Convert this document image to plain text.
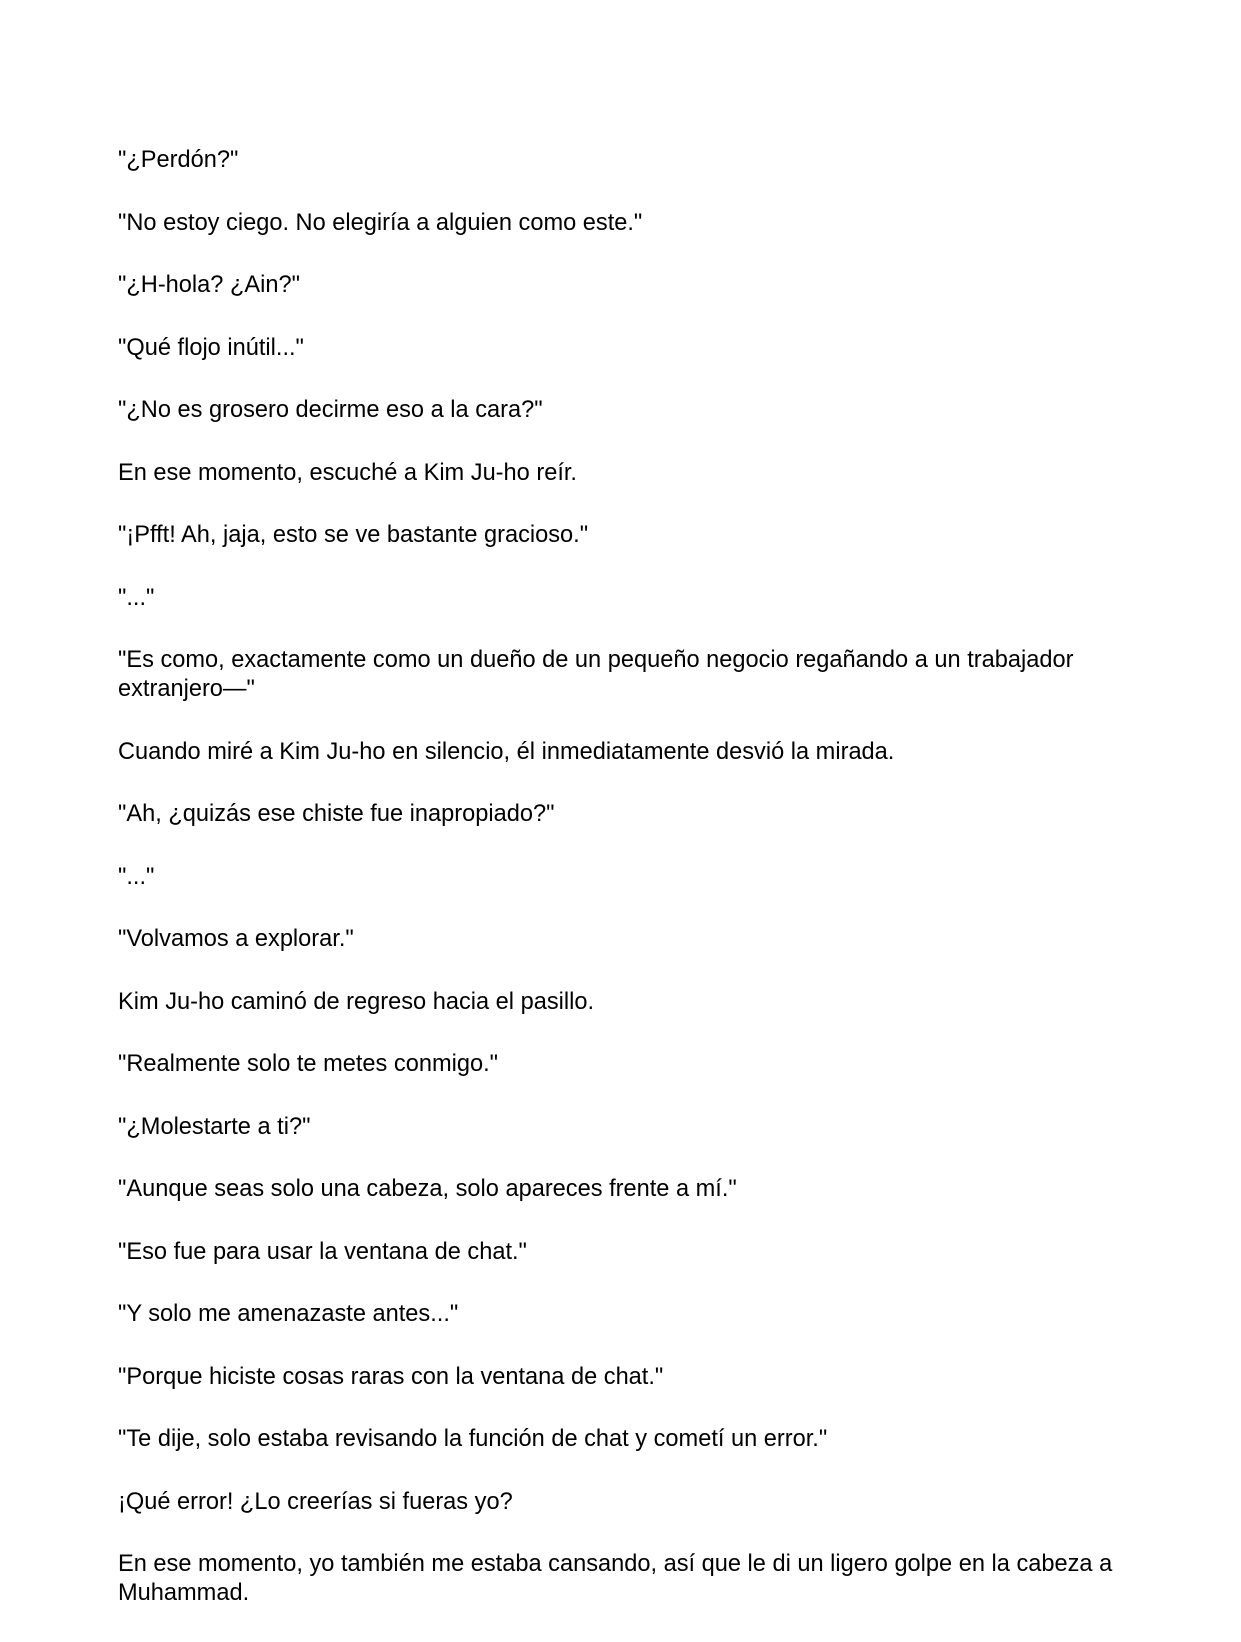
"¿Perdón?"

"No estoy ciego. No elegiría a alguien como este."

"¿H-hola? ¿Ain?"

"Qué flojo inútil..."

"¿No es grosero decirme eso a la cara?"

En ese momento, escuché a Kim Ju-ho reír.

"¡Pfft! Ah, jaja, esto se ve bastante gracioso."

"..."

"Es como, exactamente como un dueño de un pequeño negocio regañando a un trabajador extranjero—"

Cuando miré a Kim Ju-ho en silencio, él inmediatamente desvió la mirada.

"Ah, ¿quizás ese chiste fue inapropiado?"

"..."

"Volvamos a explorar."

Kim Ju-ho caminó de regreso hacia el pasillo.

"Realmente solo te metes conmigo."

"¿Molestarte a ti?"

"Aunque seas solo una cabeza, solo apareces frente a mí."

"Eso fue para usar la ventana de chat."

"Y solo me amenazaste antes..."

"Porque hiciste cosas raras con la ventana de chat."

"Te dije, solo estaba revisando la función de chat y cometí un error."

¡Qué error! ¿Lo creerías si fueras yo?

En ese momento, yo también me estaba cansando, así que le di un ligero golpe en la cabeza a Muhammad.
